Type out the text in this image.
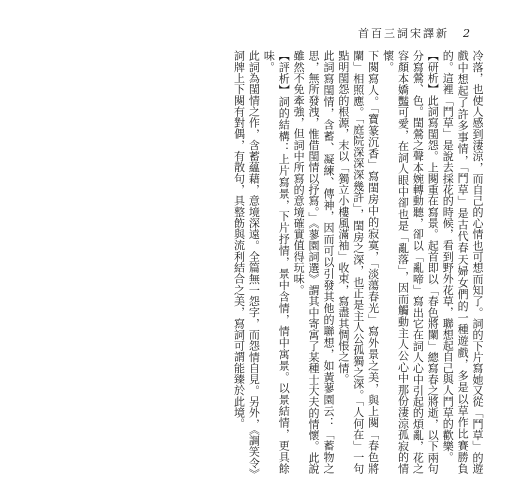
首百三詞宋譯新 2

冷落，也使人感到淒涼，而自己的心情也可想而知了。詞的下片寫她又從「鬥草」的遊戲中想起了許多事情，「鬥草」是古代春天婦女們的一種遊戲，多是以草作比賽勝負的。這裡「鬥草」是說去採花的時候，看到野外花草，聯想起自己與人鬥草的歡樂。

【研析】此詞寫閨怨。上闋重在寫景。起首即以「春色將闌」總寫春之將逝，以下兩句分寫鶯、色。閨鶯之聲本婉轉動聽，卻以「亂啼」寫出它在詞人心中引起的煩亂，花之容顏本嬌豔可愛，在詞人眼中卻也是「亂落」，因而觸動主人公心中那份淒涼孤寂的情懷。

下闋寫人。「寶篆沉香」寫閨房中的寂寞，「淡蕩春光」寫外景之美，與上闋「春色將闌」相照應。「庭院深深深幾許」，閨房之深，也正是主人公孤獨之深。「人何在」一句點明閨怨的根源，末以「獨立小樓風滿袖」收束，寫盡其惆悵之情。

此詞寫閨情，含蓄、凝練、傳神，因而可以引發其他的聯想，如黃蓼園云：「蓄物之思，無所發洩，惟借閨情以抒寫。」《蓼園詞選》謂其中寄寓了某種士大夫的情懷。此說雖然不免牽強，但詞中所寫的意境確實值得玩味。

【評析】詞的結構：上片寫景，下片抒情，景中含情，情中寓景。以景結情，更具餘味。

此詞為閨情之作，含蓄蘊藉，意境深遠。全篇無一怨字，而怨情自見。另外，《調笑令》詞牌上下闋有對偶，有散句，具整飭與流利結合之美，寫詞可謂能臻於此境。
